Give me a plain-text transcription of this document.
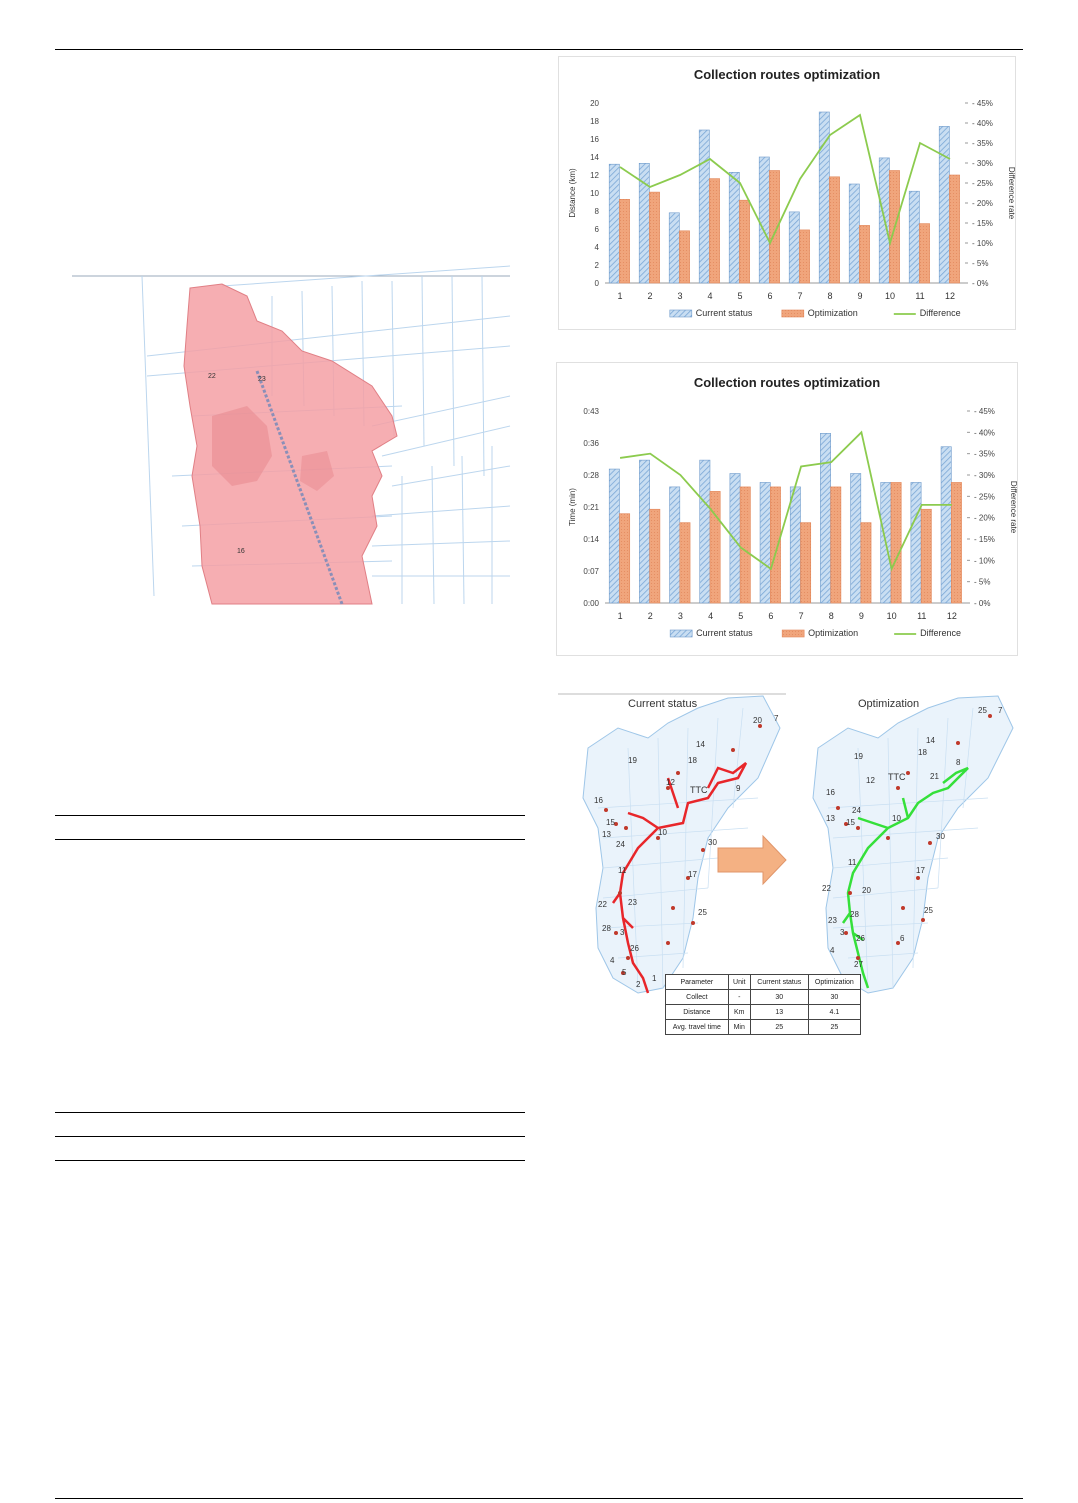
22	23
16
Collection routes optimization
0
2
4
6
8
10
12
14
16
18
20
- 0%
- 5%
- 10%
- 15%
- 20%
- 25%
- 30%
- 35%
- 40%
- 45%
Distance (km)	Difference rate
1	2	3	4	5	6	7	8	9 10 11 12
Current status	Optimization	Difference
Collection routes optimization
0:00
0:07
0:14
0:21
0:28
0:36
0:43
- 0%
- 5%
- 10%
- 15%
- 20%
- 25%
- 30%
- 35%
- 40%
- 45%
Time (min)	Difference rate
1	2	3	4	5	6	7	8	9	10 11 12
Current status	Optimization	Difference
Current status	Optimization
TTC
TTC
20 7
14
18
19
12
9
16
15
13
24
10
30
11	17
22	23
28 3
25
26
4
5
2
1
25 7
14
18
19
12	21
8
16
24
13 15	10
30
11
17
22	20
23
28
3
25
4
26
27
6
Parameter	Unit	Current status	Optimization
Collect	-	30	30
Distance	Km	13	4.1
Avg. travel time	Min	25	25
